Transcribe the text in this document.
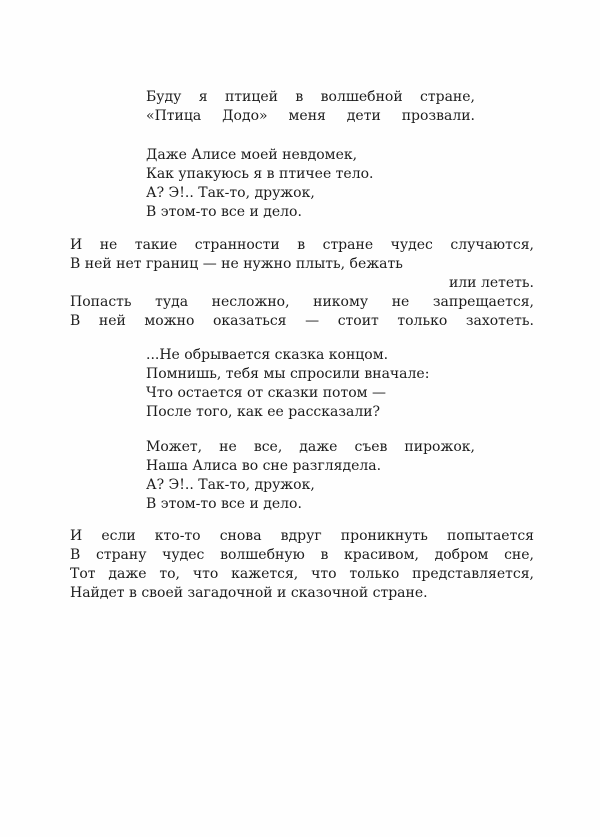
Буду я птицей в волшебной стране,
«Птица Додо» меня дети прозвали.
Даже Алисе моей невдомек,
Как упакуюсь я в птичее тело.
А? Э!.. Так-то, дружок,
В этом-то все и дело.
И не такие странности в стране чудес случаются,
В ней нет границ — не нужно плыть, бежать
или лететь.
Попасть туда несложно, никому не запрещается,
В ней можно оказаться — стоит только захотеть.
...Не обрывается сказка концом.
Помнишь, тебя мы спросили вначале:
Что остается от сказки потом —
После того, как ее рассказали?
Может, не все, даже съев пирожок,
Наша Алиса во сне разглядела.
А? Э!.. Так-то, дружок,
В этом-то все и дело.
И если кто-то снова вдруг проникнуть попытается
В страну чудес волшебную в красивом, добром сне,
Тот даже то, что кажется, что только представляется,
Найдет в своей загадочной и сказочной стране.
